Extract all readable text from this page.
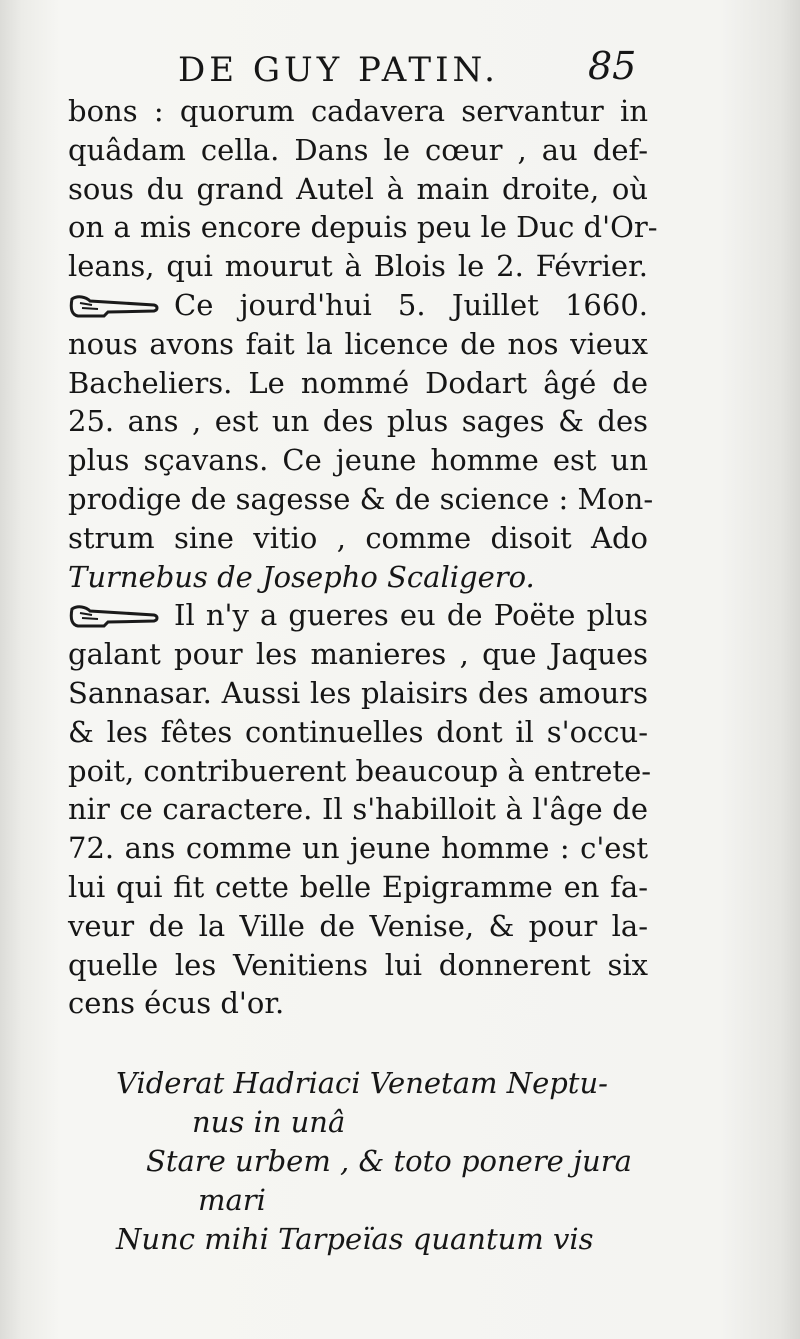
DE GUY PATIN. 85
bons : quorum cadavera servantur in
quâdam cella. Dans le cœur , au def-
sous du grand Autel à main droite, où
on a mis encore depuis peu le Duc d'Or-
leans, qui mourut à Blois le 2. Février.
Ce jourd'hui 5. Juillet 1660.
nous avons fait la licence de nos vieux
Bacheliers. Le nommé Dodart âgé de
25. ans , est un des plus sages & des
plus sçavans. Ce jeune homme est un
prodige de sagesse & de science : Mon-
strum sine vitio , comme disoit Ado
Turnebus de Josepho Scaligero.
Il n'y a gueres eu de Poëte plus
galant pour les manieres , que Jaques
Sannasar. Aussi les plaisirs des amours
& les fêtes continuelles dont il s'occu-
poit, contribuerent beaucoup à entrete-
nir ce caractere. Il s'habilloit à l'âge de
72. ans comme un jeune homme : c'est
lui qui fit cette belle Epigramme en fa-
veur de la Ville de Venise, & pour la-
quelle les Venitiens lui donnerent six
cens écus d'or.
Viderat Hadriaci Venetam Neptu-
nus in unâ
Stare urbem , & toto ponere jura
mari
Nunc mihi Tarpeïas quantum vis
